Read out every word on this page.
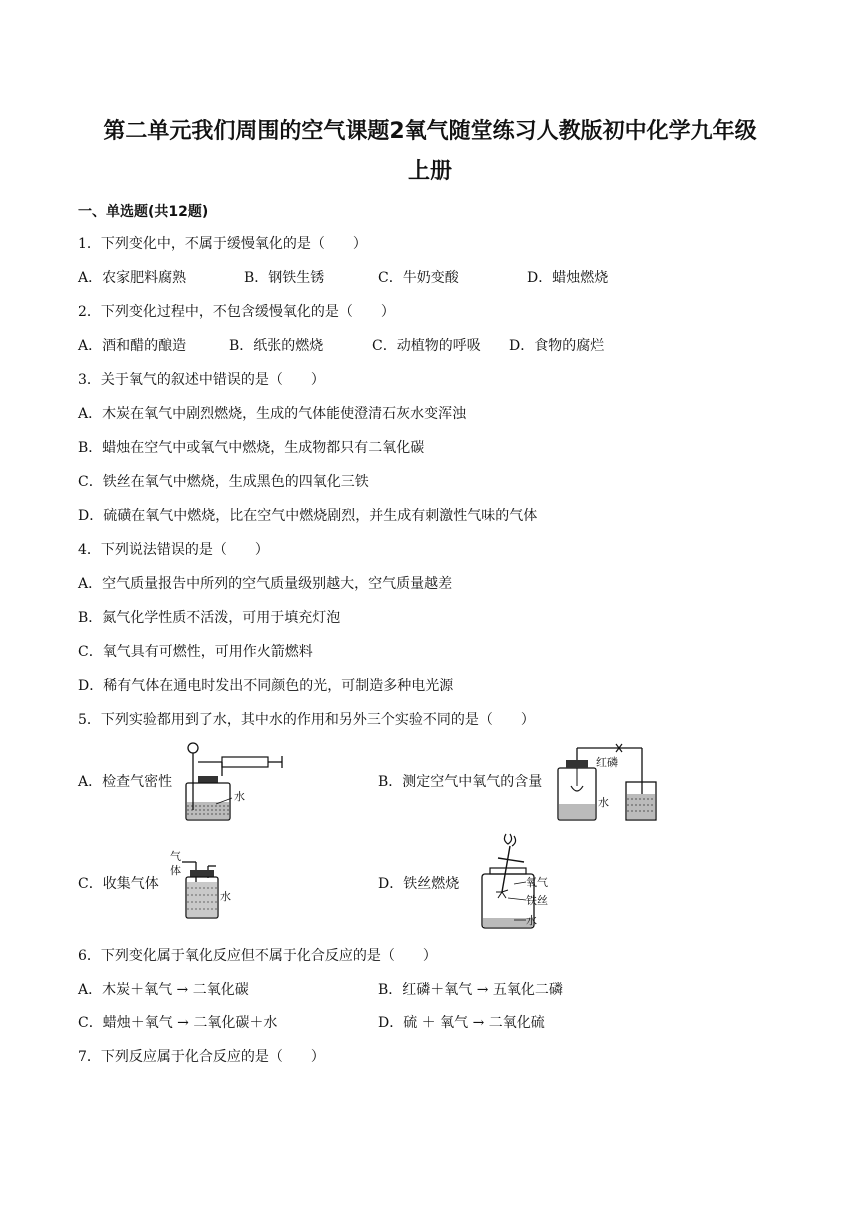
第二单元我们周围的空气课题2氧气随堂练习人教版初中化学九年级
上册
一、单选题(共12题)
1．下列变化中，不属于缓慢氧化的是（　　）
A．农家肥料腐熟	B．钢铁生锈	C．牛奶变酸	D．蜡烛燃烧
2．下列变化过程中，不包含缓慢氧化的是（　　）
A．酒和醋的酿造	B．纸张的燃烧	C．动植物的呼吸 D．食物的腐烂
3．关于氧气的叙述中错误的是（　　）
A．木炭在氧气中剧烈燃烧，生成的气体能使澄清石灰水变浑浊
B．蜡烛在空气中或氧气中燃烧，生成物都只有二氧化碳
C．铁丝在氧气中燃烧，生成黑色的四氧化三铁
D．硫磺在氧气中燃烧，比在空气中燃烧剧烈，并生成有刺激性气味的气体
4．下列说法错误的是（　　）
A．空气质量报告中所列的空气质量级别越大，空气质量越差
B．氮气化学性质不活泼，可用于填充灯泡
C．氧气具有可燃性，可用作火箭燃料
D．稀有气体在通电时发出不同颜色的光，可制造多种电光源
5．下列实验都用到了水，其中水的作用和另外三个实验不同的是（　　）
A．检查气密性	B．测定空气中氧气的含量
C．收集气体	D．铁丝燃烧
水
红磷
水
气
体
水
氧气
铁丝
水
6．下列变化属于氧化反应但不属于化合反应的是（　　）
A．木炭＋氧气 → 二氧化碳	B．红磷＋氧气 → 五氧化二磷
C．蜡烛＋氧气 → 二氧化碳＋水	D．硫 ＋ 氧气 → 二氧化硫
7．下列反应属于化合反应的是（　　）
